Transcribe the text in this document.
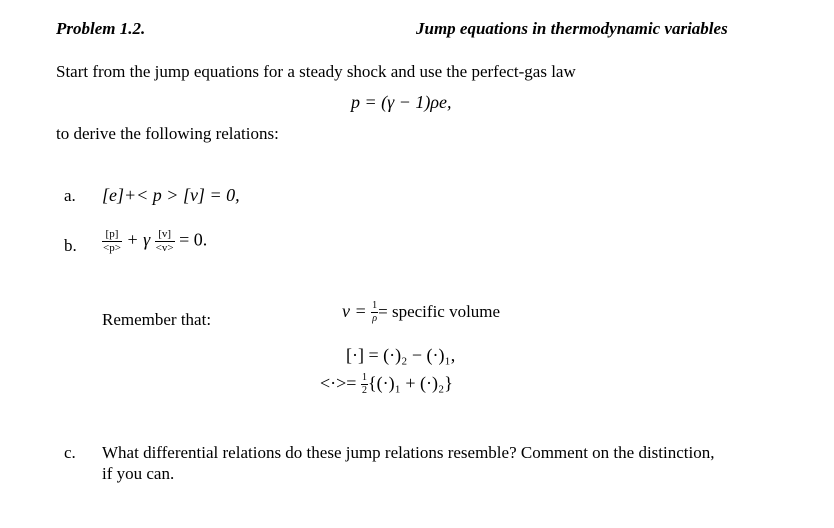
Problem 1.2.	Jump equations in thermodynamic variables
Start from the jump equations for a steady shock and use the perfect-gas law
p = (γ − 1)ρe,
to derive the following relations:
a. [e]+< p > [v] = 0,
b. $\frac{[p]}{<p>} + \gamma \frac{[v]}{<v>} = 0$.
Remember that:	$v = \frac{1}{\rho}$ = specific volume
[·] = (·)₂ − (·)₁,
<·>= $\frac{1}{2} \{(\cdot)_1 + (\cdot)_2\}$
c. What differential relations do these jump relations resemble? Comment on the distinction,
if you can.
